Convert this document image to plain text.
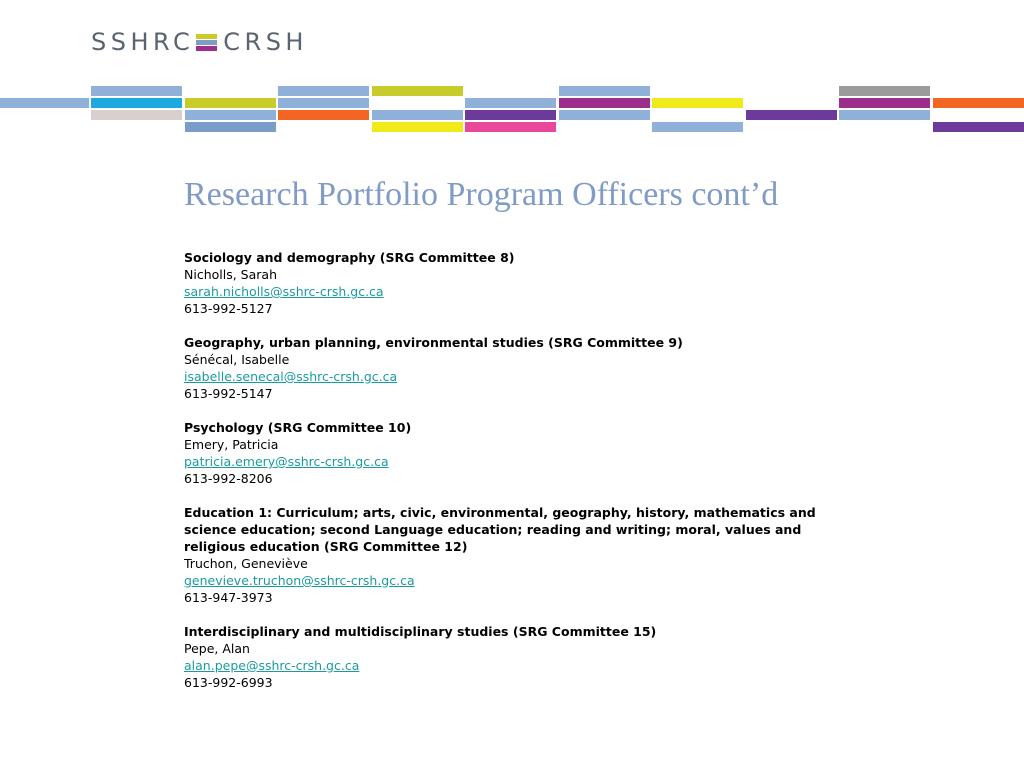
SSHRC CRSH
Research Portfolio Program Officers cont’d
Sociology and demography (SRG Committee 8)
Nicholls, Sarah
sarah.nicholls@sshrc-crsh.gc.ca
613-992-5127
Geography, urban planning, environmental studies (SRG Committee 9)
Sénécal, Isabelle
isabelle.senecal@sshrc-crsh.gc.ca
613-992-5147
Psychology (SRG Committee 10)
Emery, Patricia
patricia.emery@sshrc-crsh.gc.ca
613-992-8206
Education 1: Curriculum; arts, civic, environmental, geography, history, mathematics and science education; second Language education; reading and writing; moral, values and religious education (SRG Committee 12)
Truchon, Geneviève
genevieve.truchon@sshrc-crsh.gc.ca
613-947-3973
Interdisciplinary and multidisciplinary studies (SRG Committee 15)
Pepe, Alan
alan.pepe@sshrc-crsh.gc.ca
613-992-6993
